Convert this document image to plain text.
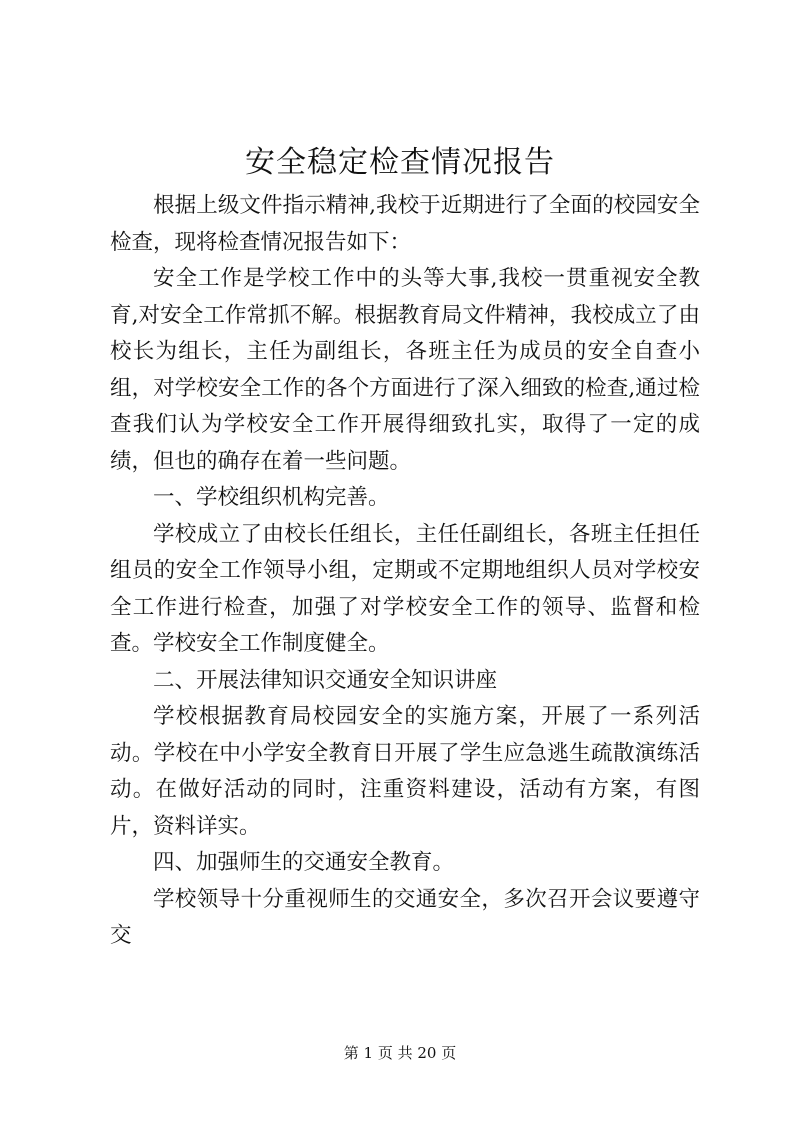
安全稳定检查情况报告

根据上级文件指示精神,我校于近期进行了全面的校园安全检查，现将检查情况报告如下：

安全工作是学校工作中的头等大事,我校一贯重视安全教育,对安全工作常抓不解。根据教育局文件精神，我校成立了由校长为组长，主任为副组长，各班主任为成员的安全自查小组，对学校安全工作的各个方面进行了深入细致的检查,通过检查我们认为学校安全工作开展得细致扎实，取得了一定的成绩，但也的确存在着一些问题。

一、学校组织机构完善。

学校成立了由校长任组长，主任任副组长，各班主任担任组员的安全工作领导小组，定期或不定期地组织人员对学校安全工作进行检查，加强了对学校安全工作的领导、监督和检查。学校安全工作制度健全。

二、开展法律知识交通安全知识讲座

学校根据教育局校园安全的实施方案，开展了一系列活动。学校在中小学安全教育日开展了学生应急逃生疏散演练活动。在做好活动的同时，注重资料建设，活动有方案，有图片，资料详实。

四、加强师生的交通安全教育。

学校领导十分重视师生的交通安全，多次召开会议要遵守交

第 1 页 共 20 页
